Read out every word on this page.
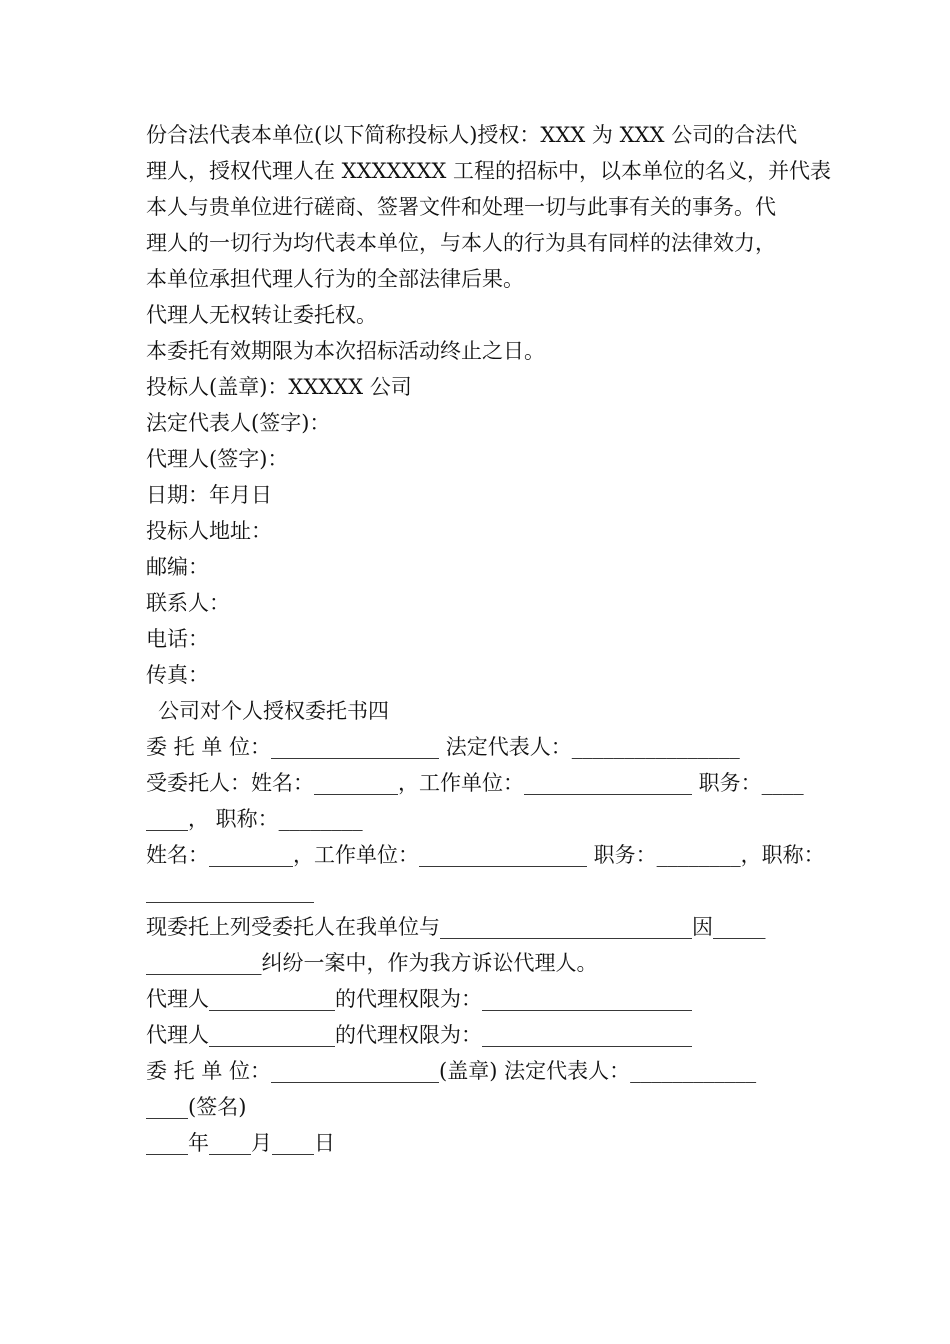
份合法代表本单位(以下简称投标人)授权：XXX 为 XXX 公司的合法代

理人，授权代理人在 XXXXXXX 工程的招标中，以本单位的名义，并代表

本人与贵单位进行磋商、签署文件和处理一切与此事有关的事务。代

理人的一切行为均代表本单位，与本人的行为具有同样的法律效力，

本单位承担代理人行为的全部法律后果。

代理人无权转让委托权。

本委托有效期限为本次招标活动终止之日。

投标人(盖章)：XXXXX 公司

法定代表人(签字)：

代理人(签字)：

日期：年月日

投标人地址：

邮编：

联系人：

电话：

传真：

公司对个人授权委托书四

委 托 单 位：________________ 法定代表人：________________

受委托人：姓名：________，工作单位：________________ 职务：____

____， 职称：________

姓名：________，工作单位：________________ 职务：________，职称：

________________

现委托上列受委托人在我单位与________________________因_____

___________纠纷一案中，作为我方诉讼代理人。

代理人____________的代理权限为：____________________

代理人____________的代理权限为：____________________

委 托 单 位：________________(盖章) 法定代表人：____________

____(签名)

____年____月____日
